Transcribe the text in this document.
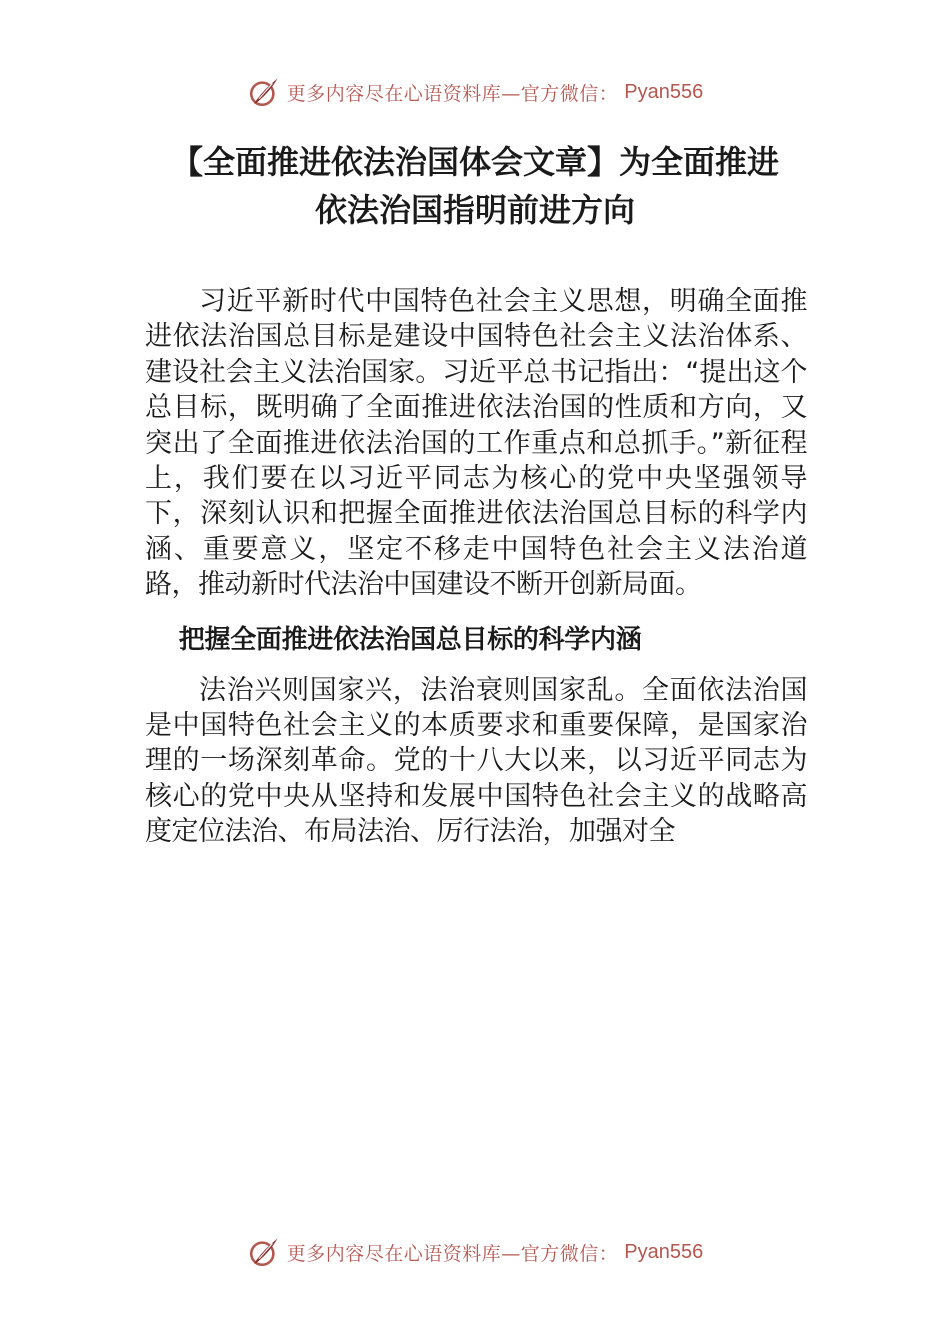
更多内容尽在心语资料库—官方微信： Pyan556
【全面推进依法治国体会文章】为全面推进
依法治国指明前进方向

习近平新时代中国特色社会主义思想，明确全面推进依法治国总目标是建设中国特色社会主义法治体系、建设社会主义法治国家。习近平总书记指出：“提出这个总目标，既明确了全面推进依法治国的性质和方向，又突出了全面推进依法治国的工作重点和总抓手。”新征程上，我们要在以习近平同志为核心的党中央坚强领导下，深刻认识和把握全面推进依法治国总目标的科学内涵、重要意义，坚定不移走中国特色社会主义法治道路，推动新时代法治中国建设不断开创新局面。

把握全面推进依法治国总目标的科学内涵

法治兴则国家兴，法治衰则国家乱。全面依法治国是中国特色社会主义的本质要求和重要保障，是国家治理的一场深刻革命。党的十八大以来，以习近平同志为核心的党中央从坚持和发展中国特色社会主义的战略高度定位法治、布局法治、厉行法治，加强对全

更多内容尽在心语资料库—官方微信： Pyan556
